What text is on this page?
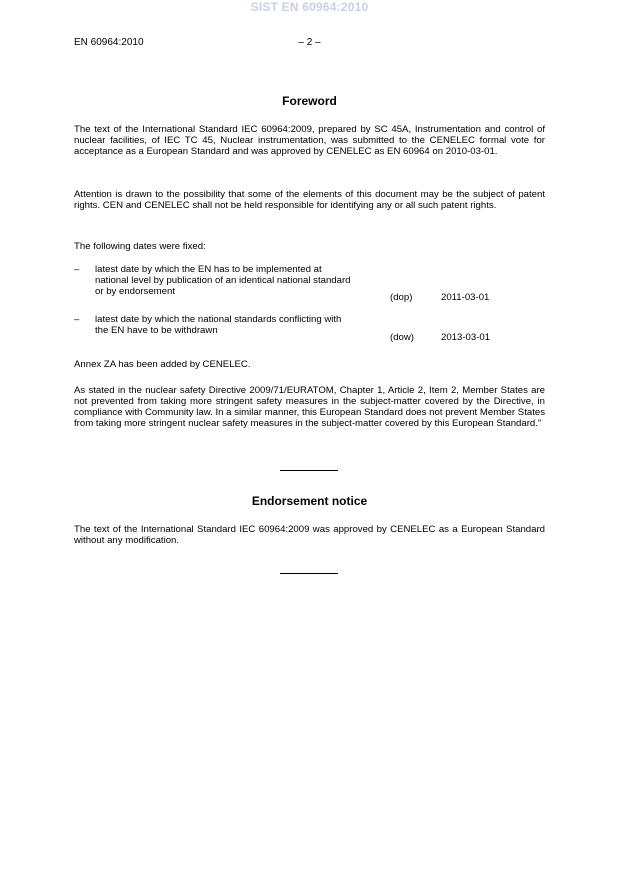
SIST EN 60964:2010
EN 60964:2010	– 2 –
Foreword
The text of the International Standard IEC 60964:2009, prepared by SC 45A, Instrumentation and control of nuclear facilities, of IEC TC 45, Nuclear instrumentation, was submitted to the CENELEC formal vote for acceptance as a European Standard and was approved by CENELEC as EN 60964 on 2010-03-01.
Attention is drawn to the possibility that some of the elements of this document may be the subject of patent rights. CEN and CENELEC shall not be held responsible for identifying any or all such patent rights.
The following dates were fixed:
– latest date by which the EN has to be implemented at national level by publication of an identical national standard or by endorsement
(dop)	2011-03-01
– latest date by which the national standards conflicting with the EN have to be withdrawn
(dow)	2013-03-01
Annex ZA has been added by CENELEC.
As stated in the nuclear safety Directive 2009/71/EURATOM, Chapter 1, Article 2, Item 2, Member States are not prevented from taking more stringent safety measures in the subject-matter covered by the Directive, in compliance with Community law. In a similar manner, this European Standard does not prevent Member States from taking more stringent nuclear safety measures in the subject-matter covered by this European Standard.”
Endorsement notice
The text of the International Standard IEC 60964:2009 was approved by CENELEC as a European Standard without any modification.
